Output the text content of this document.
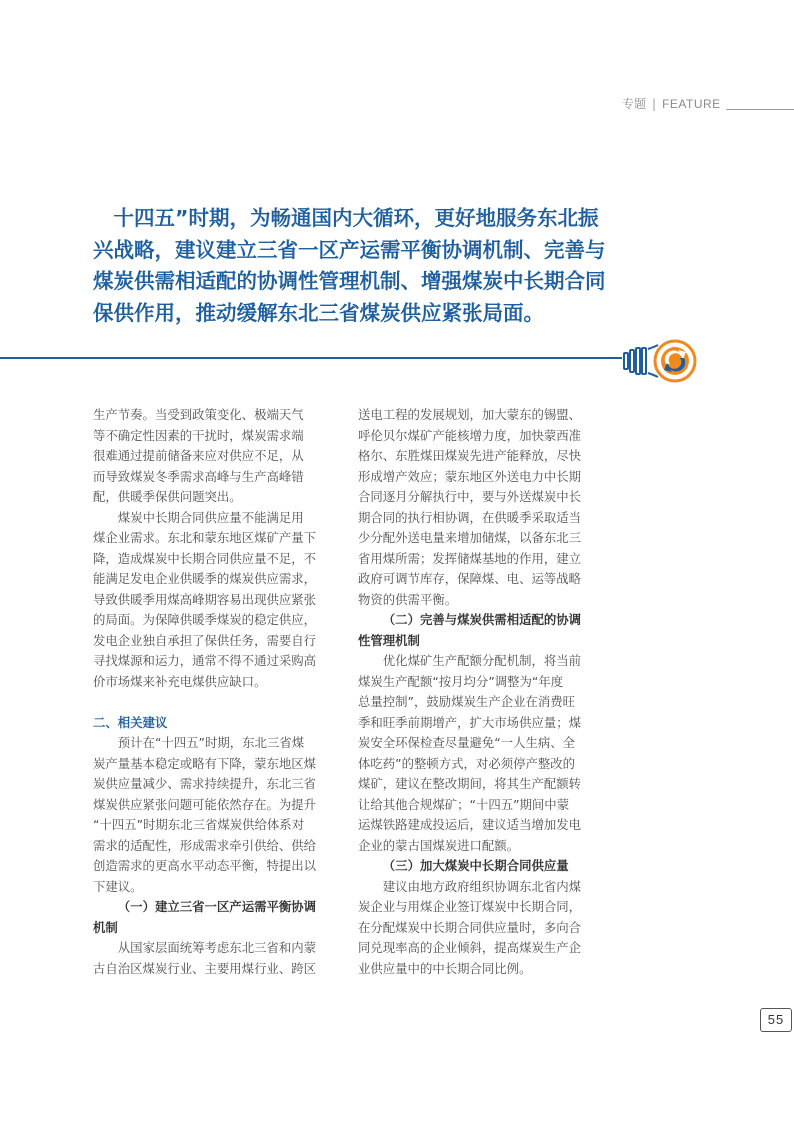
专题 | FEATURE
十四五”时期，为畅通国内大循环，更好地服务东北振
兴战略，建议建立三省一区产运需平衡协调机制、完善与
煤炭供需相适配的协调性管理机制、增强煤炭中长期合同
保供作用，推动缓解东北三省煤炭供应紧张局面。
生产节奏。当受到政策变化、极端天气
等不确定性因素的干扰时，煤炭需求端
很难通过提前储备来应对供应不足，从
而导致煤炭冬季需求高峰与生产高峰错
配，供暖季保供问题突出。
煤炭中长期合同供应量不能满足用
煤企业需求。东北和蒙东地区煤矿产量下
降，造成煤炭中长期合同供应量不足，不
能满足发电企业供暖季的煤炭供应需求，
导致供暖季用煤高峰期容易出现供应紧张
的局面。为保障供暖季煤炭的稳定供应，
发电企业独自承担了保供任务，需要自行
寻找煤源和运力，通常不得不通过采购高
价市场煤来补充电煤供应缺口。
二、相关建议
预计在“十四五”时期，东北三省煤
炭产量基本稳定或略有下降，蒙东地区煤
炭供应量减少、需求持续提升，东北三省
煤炭供应紧张问题可能依然存在。为提升
“十四五”时期东北三省煤炭供给体系对
需求的适配性，形成需求牵引供给、供给
创造需求的更高水平动态平衡，特提出以
下建议。
（一）建立三省一区产运需平衡协调
机制
从国家层面统筹考虑东北三省和内蒙
古自治区煤炭行业、主要用煤行业、跨区
送电工程的发展规划，加大蒙东的锡盟、
呼伦贝尔煤矿产能核增力度，加快蒙西准
格尔、东胜煤田煤炭先进产能释放，尽快
形成增产效应；蒙东地区外送电力中长期
合同逐月分解执行中，要与外送煤炭中长
期合同的执行相协调，在供暖季采取适当
少分配外送电量来增加储煤，以备东北三
省用煤所需；发挥储煤基地的作用，建立
政府可调节库存，保障煤、电、运等战略
物资的供需平衡。
（二）完善与煤炭供需相适配的协调
性管理机制
优化煤矿生产配额分配机制，将当前
煤炭生产配额“按月均分”调整为“年度
总量控制”，鼓励煤炭生产企业在消费旺
季和旺季前期增产，扩大市场供应量；煤
炭安全环保检查尽量避免“一人生病、全
体吃药”的整顿方式，对必须停产整改的
煤矿，建议在整改期间，将其生产配额转
让给其他合规煤矿；“十四五”期间中蒙
运煤铁路建成投运后，建议适当增加发电
企业的蒙古国煤炭进口配额。
（三）加大煤炭中长期合同供应量
建议由地方政府组织协调东北省内煤
炭企业与用煤企业签订煤炭中长期合同，
在分配煤炭中长期合同供应量时，多向合
同兑现率高的企业倾斜，提高煤炭生产企
业供应量中的中长期合同比例。
55
